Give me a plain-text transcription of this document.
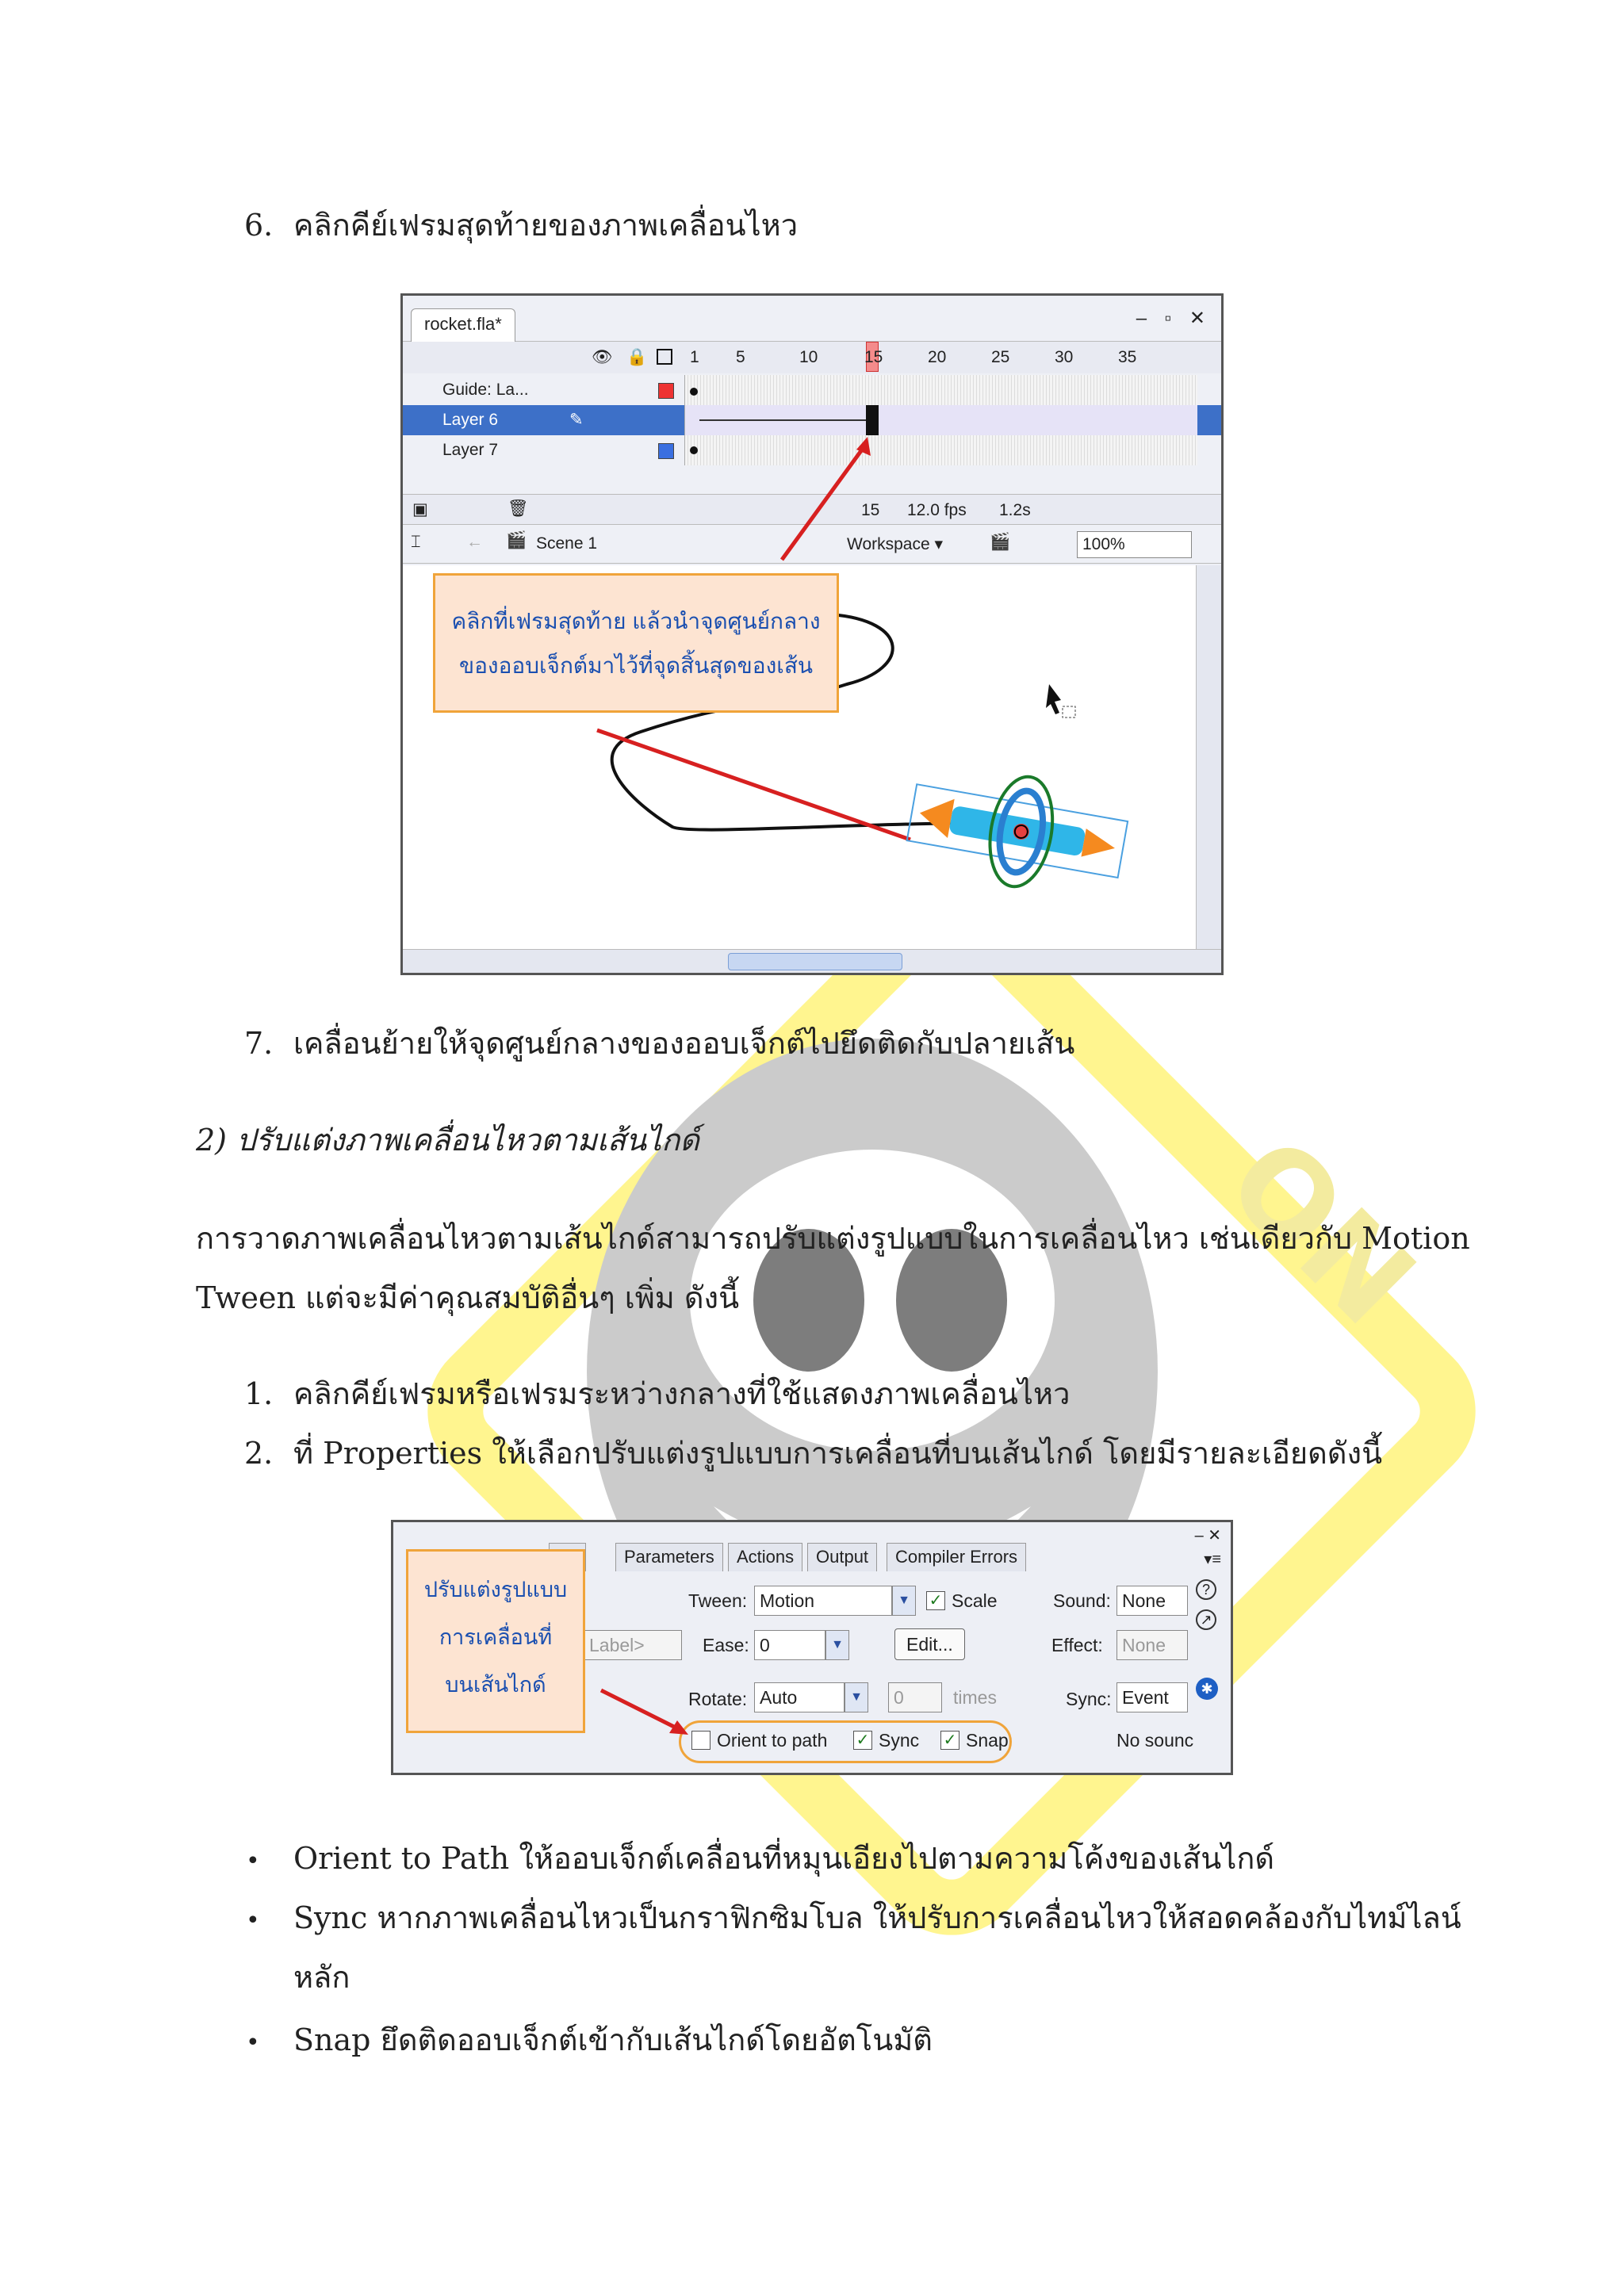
ON
6. คลิกคีย์เฟรมสุดท้ายของภาพเคลื่อนไหว
rocket.fla*	– ▫ ✕
👁 🔒	1 5	10	15	20	25	30	35
Guide: La...
Layer 6	✎
Layer 7
▣	🗑	15 12.0 fps 1.2s
⌶	← 🎬 Scene 1	Workspace ▾	🎬	100%
คลิกที่เฟรมสุดท้าย แล้วนำจุดศูนย์กลาง
ของออบเจ็กต์มาไว้ที่จุดสิ้นสุดของเส้น
7. เคลื่อนย้ายให้จุดศูนย์กลางของออบเจ็กต์ไปยึดติดกับปลายเส้น
2) ปรับแต่งภาพเคลื่อนไหวตามเส้นไกด์
การวาดภาพเคลื่อนไหวตามเส้นไกด์สามารถปรับแต่งรูปแบบในการเคลื่อนไหว เช่นเดียวกับ Motion
Tween แต่จะมีค่าคุณสมบัติอื่นๆ เพิ่ม ดังนี้
1. คลิกคีย์เฟรมหรือเฟรมระหว่างกลางที่ใช้แสดงภาพเคลื่อนไหว
2. ที่ Properties ให้เลือกปรับแต่งรูปแบบการเคลื่อนที่บนเส้นไกด์ โดยมีรายละเอียดดังนี้
Parameters	Actions	Output	Compiler Errors
– ✕
▾≡
Tween: Motion	▼	✓ Scale	Sound: None
?
↗
Label>	Ease: 0	▼	Edit...	Effect:	None
Rotate: Auto	▼	0	times	Sync: Event	✱
Orient to path ✓ Sync ✓ Snap	No sounc
ปรับแต่งรูปแบบ
การเคลื่อนที่
บนเส้นไกด์
• Orient to Path ให้ออบเจ็กต์เคลื่อนที่หมุนเอียงไปตามความโค้งของเส้นไกด์
• Sync หากภาพเคลื่อนไหวเป็นกราฟิกซิมโบล ให้ปรับการเคลื่อนไหวให้สอดคล้องกับไทม์ไลน์
หลัก
• Snap ยึดติดออบเจ็กต์เข้ากับเส้นไกด์โดยอัตโนมัติ
